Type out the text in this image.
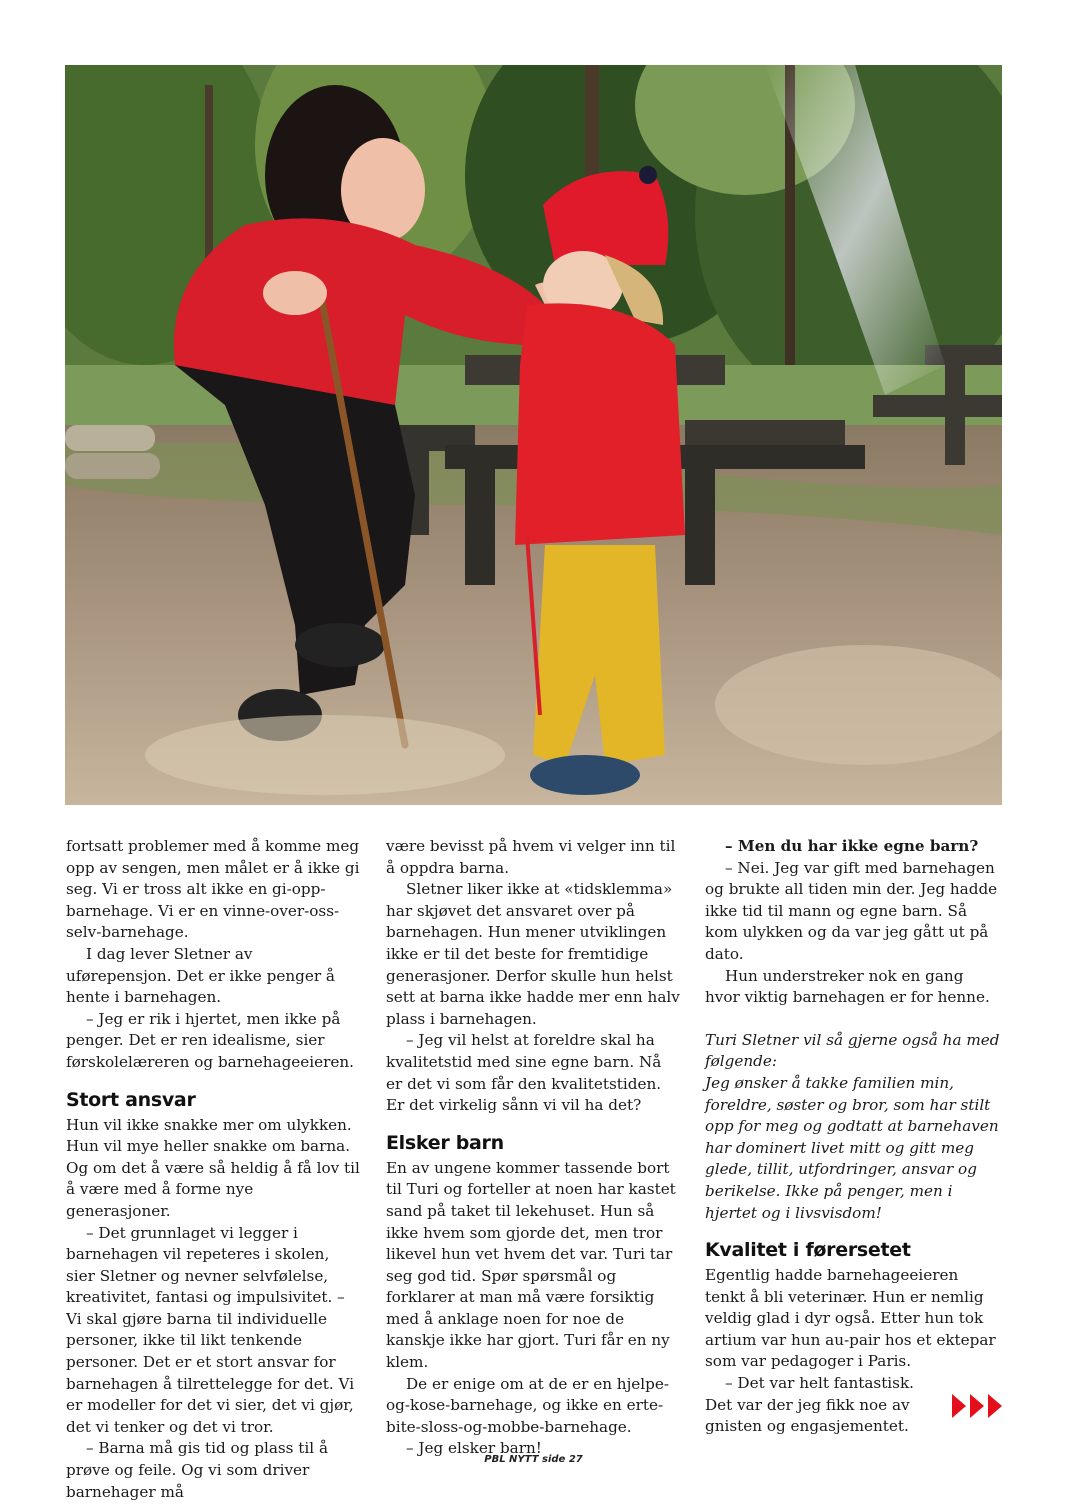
fortsatt problemer med å komme meg opp av sengen, men målet er å ikke gi seg. Vi er tross alt ikke en gi-opp-barnehage. Vi er en vinne-over-oss-selv-barnehage.

I dag lever Sletner av uførepensjon. Det er ikke penger å hente i barnehagen.

– Jeg er rik i hjertet, men ikke på penger. Det er ren idealisme, sier førskolelæreren og barnehageeieren.

Stort ansvar

Hun vil ikke snakke mer om ulykken. Hun vil mye heller snakke om barna. Og om det å være så heldig å få lov til å være med å forme nye generasjoner.

– Det grunnlaget vi legger i barnehagen vil repeteres i skolen, sier Sletner og nevner selvfølelse, kreativitet, fantasi og impulsivitet. – Vi skal gjøre barna til individuelle personer, ikke til likt tenkende personer. Det er et stort ansvar for barnehagen å tilrettelegge for det. Vi er modeller for det vi sier, det vi gjør, det vi tenker og det vi tror.

– Barna må gis tid og plass til å prøve og feile. Og vi som driver barnehager må

være bevisst på hvem vi velger inn til å oppdra barna.

Sletner liker ikke at «tidsklemma» har skjøvet det ansvaret over på barnehagen. Hun mener utviklingen ikke er til det beste for fremtidige generasjoner. Derfor skulle hun helst sett at barna ikke hadde mer enn halv plass i barnehagen.

– Jeg vil helst at foreldre skal ha kvalitetstid med sine egne barn. Nå er det vi som får den kvalitetstiden. Er det virkelig sånn vi vil ha det?

Elsker barn

En av ungene kommer tassende bort til Turi og forteller at noen har kastet sand på taket til lekehuset. Hun så ikke hvem som gjorde det, men tror likevel hun vet hvem det var. Turi tar seg god tid. Spør spørsmål og forklarer at man må være forsiktig med å anklage noen for noe de kanskje ikke har gjort. Turi får en ny klem.

De er enige om at de er en hjelpe-og-kose-barnehage, og ikke en erte-bite-sloss-og-mobbe-barnehage.

– Jeg elsker barn!

– Men du har ikke egne barn?

– Nei. Jeg var gift med barnehagen og brukte all tiden min der. Jeg hadde ikke tid til mann og egne barn. Så kom ulykken og da var jeg gått ut på dato.

Hun understreker nok en gang hvor viktig barnehagen er for henne.

Turi Sletner vil så gjerne også ha med følgende:

Jeg ønsker å takke familien min, foreldre, søster og bror, som har stilt opp for meg og godtatt at barnehaven har dominert livet mitt og gitt meg glede, tillit, utfordringer, ansvar og berikelse. Ikke på penger, men i hjertet og i livsvisdom!

Kvalitet i førersetet

Egentlig hadde barnehageeieren tenkt å bli veterinær. Hun er nemlig veldig glad i dyr også. Etter hun tok artium var hun au-pair hos et ektepar som var pedagoger i Paris.

– Det var helt fantastisk. Det var der jeg fikk noe av gnisten og engasjementet.

PBL NYTT side 27
